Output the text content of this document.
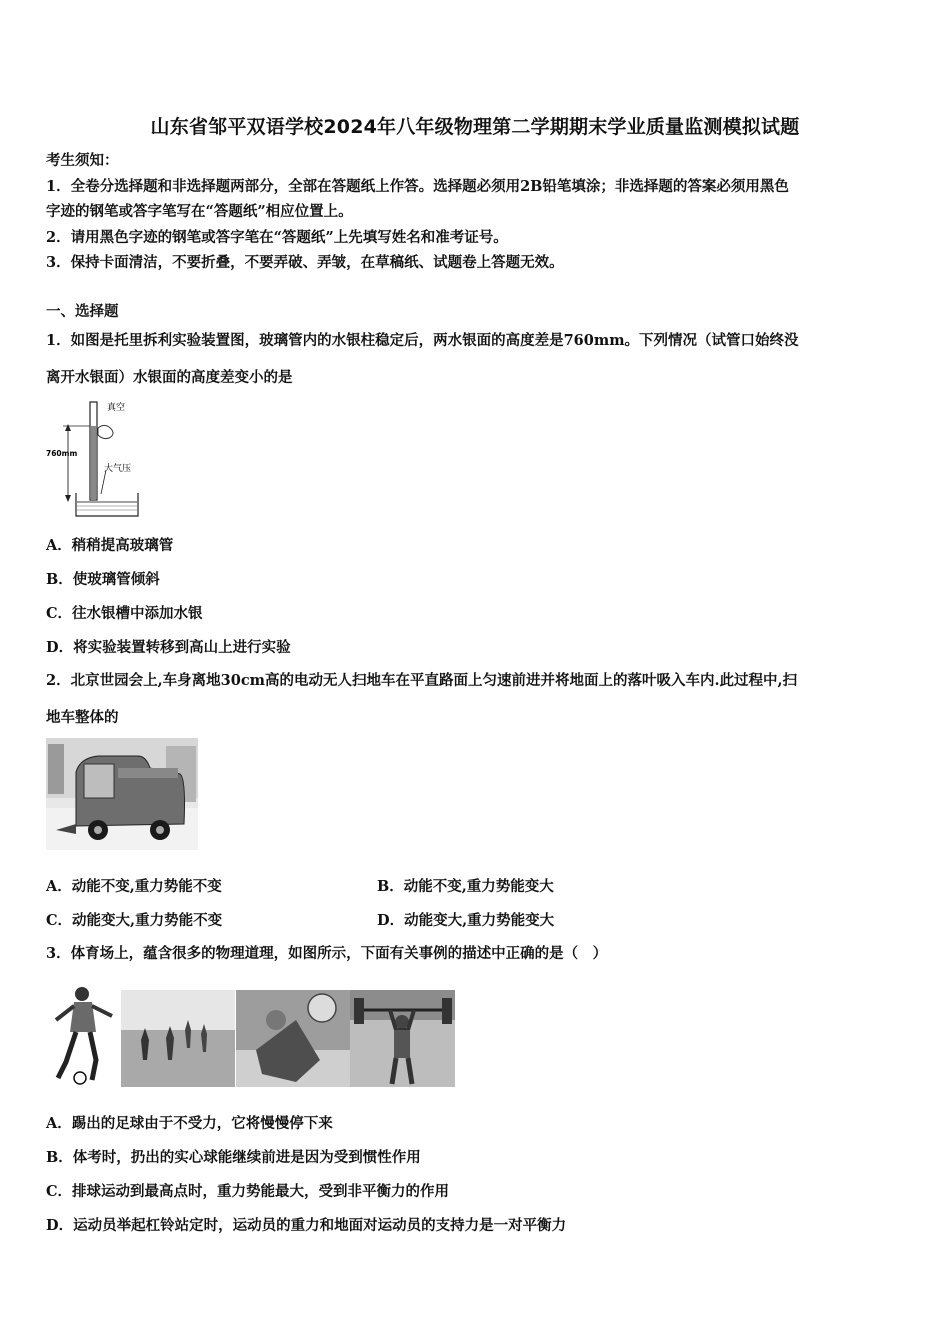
山东省邹平双语学校2024年八年级物理第二学期期末学业质量监测模拟试题
考生须知：
1．全卷分选择题和非选择题两部分，全部在答题纸上作答。选择题必须用2B铅笔填涂；非选择题的答案必须用黑色
字迹的钢笔或答字笔写在“答题纸”相应位置上。
2．请用黑色字迹的钢笔或答字笔在“答题纸”上先填写姓名和准考证号。
3．保持卡面清洁，不要折叠，不要弄破、弄皱，在草稿纸、试题卷上答题无效。
一、选择题
1．如图是托里拆利实验装置图，玻璃管内的水银柱稳定后，两水银面的高度差是760mm。下列情况（试管口始终没
离开水银面）水银面的高度差变小的是
真空
760mm
大气压
A．稍稍提高玻璃管
B．使玻璃管倾斜
C．往水银槽中添加水银
D．将实验装置转移到高山上进行实验
2．北京世园会上,车身离地30cm高的电动无人扫地车在平直路面上匀速前进并将地面上的落叶吸入车内.此过程中,扫
地车整体的
A．动能不变,重力势能不变	B．动能不变,重力势能变大
C．动能变大,重力势能不变	D．动能变大,重力势能变大
3．体育场上，蕴含很多的物理道理，如图所示，下面有关事例的描述中正确的是（　）
A．踢出的足球由于不受力，它将慢慢停下来
B．体考时，扔出的实心球能继续前进是因为受到惯性作用
C．排球运动到最高点时，重力势能最大，受到非平衡力的作用
D．运动员举起杠铃站定时，运动员的重力和地面对运动员的支持力是一对平衡力
